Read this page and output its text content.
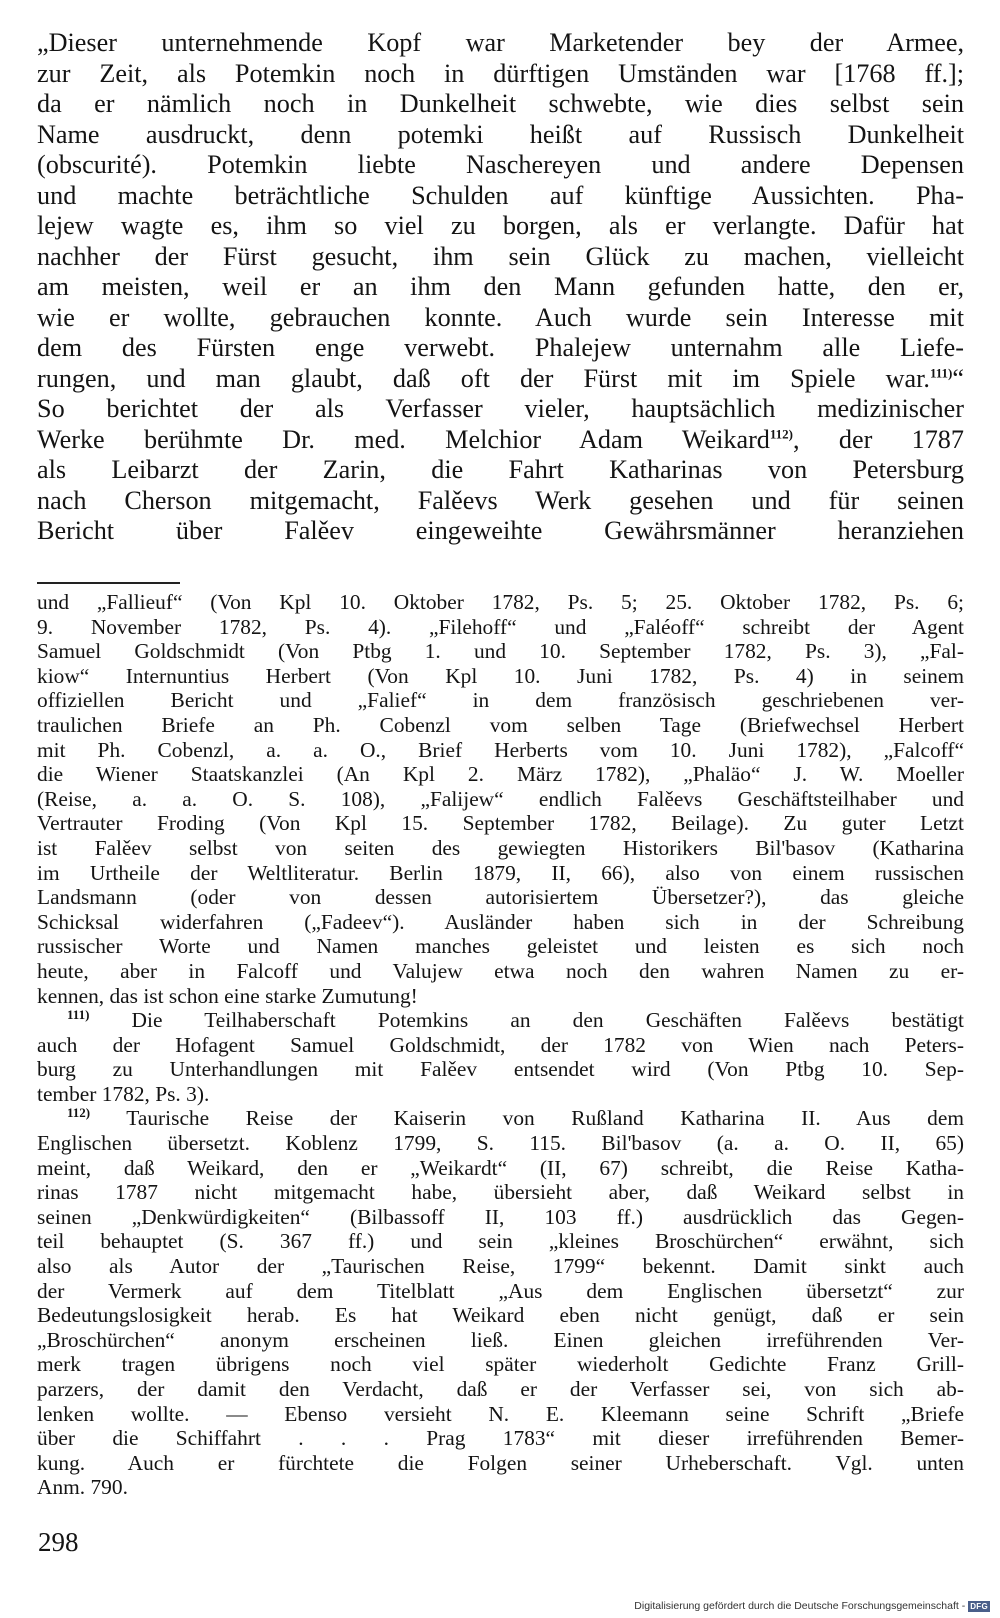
„Dieser unternehmende Kopf war Marketender bey der Armee,
zur Zeit, als Potemkin noch in dürftigen Umständen war [1768 ff.];
da er nämlich noch in Dunkelheit schwebte, wie dies selbst sein
Name ausdruckt, denn potemki heißt auf Russisch Dunkelheit
(obscurité). Potemkin liebte Naschereyen und andere Depensen
und machte beträchtliche Schulden auf künftige Aussichten. Pha-
lejew wagte es, ihm so viel zu borgen, als er verlangte. Dafür hat
nachher der Fürst gesucht, ihm sein Glück zu machen, vielleicht
am meisten, weil er an ihm den Mann gefunden hatte, den er,
wie er wollte, gebrauchen konnte. Auch wurde sein Interesse mit
dem des Fürsten enge verwebt. Phalejew unternahm alle Liefe-
rungen, und man glaubt, daß oft der Fürst mit im Spiele war.$^{111)}$“
So berichtet der als Verfasser vieler, hauptsächlich medizinischer
Werke berühmte Dr. med. Melchior Adam Weikard$^{112)}$, der 1787
als Leibarzt der Zarin, die Fahrt Katharinas von Petersburg
nach Cherson mitgemacht, Falěevs Werk gesehen und für seinen
Bericht über Falěev eingeweihte Gewährsmänner heranziehen
und „Fallieuf“ (Von Kpl 10. Oktober 1782, Ps. 5; 25. Oktober 1782, Ps. 6;
9. November 1782, Ps. 4). „Filehoff“ und „Faléoff“ schreibt der Agent
Samuel Goldschmidt (Von Ptbg 1. und 10. September 1782, Ps. 3), „Fal-
kiow“ Internuntius Herbert (Von Kpl 10. Juni 1782, Ps. 4) in seinem
offiziellen Bericht und „Falief“ in dem französisch geschriebenen ver-
traulichen Briefe an Ph. Cobenzl vom selben Tage (Briefwechsel Herbert
mit Ph. Cobenzl, a. a. O., Brief Herberts vom 10. Juni 1782), „Falcoff“
die Wiener Staatskanzlei (An Kpl 2. März 1782), „Phaläo“ J. W. Moeller
(Reise, a. a. O. S. 108), „Falijew“ endlich Falěevs Geschäftsteilhaber und
Vertrauter Froding (Von Kpl 15. September 1782, Beilage). Zu guter Letzt
ist Falěev selbst von seiten des gewiegten Historikers Bil'basov (Katharina
im Urtheile der Weltliteratur. Berlin 1879, II, 66), also von einem russischen
Landsmann (oder von dessen autorisiertem Übersetzer?), das gleiche
Schicksal widerfahren („Fadeev“). Ausländer haben sich in der Schreibung
russischer Worte und Namen manches geleistet und leisten es sich noch
heute, aber in Falcoff und Valujew etwa noch den wahren Namen zu er-
kennen, das ist schon eine starke Zumutung!
$^{111)}$ Die Teilhaberschaft Potemkins an den Geschäften Falěevs bestätigt
auch der Hofagent Samuel Goldschmidt, der 1782 von Wien nach Peters-
burg zu Unterhandlungen mit Falěev entsendet wird (Von Ptbg 10. Sep-
tember 1782, Ps. 3).
$^{112)}$ Taurische Reise der Kaiserin von Rußland Katharina II. Aus dem
Englischen übersetzt. Koblenz 1799, S. 115. Bil'basov (a. a. O. II, 65)
meint, daß Weikard, den er „Weikardt“ (II, 67) schreibt, die Reise Katha-
rinas 1787 nicht mitgemacht habe, übersieht aber, daß Weikard selbst in
seinen „Denkwürdigkeiten“ (Bilbassoff II, 103 ff.) ausdrücklich das Gegen-
teil behauptet (S. 367 ff.) und sein „kleines Broschürchen“ erwähnt, sich
also als Autor der „Taurischen Reise, 1799“ bekennt. Damit sinkt auch
der Vermerk auf dem Titelblatt „Aus dem Englischen übersetzt“ zur
Bedeutungslosigkeit herab. Es hat Weikard eben nicht genügt, daß er sein
„Broschürchen“ anonym erscheinen ließ. Einen gleichen irreführenden Ver-
merk tragen übrigens noch viel später wiederholt Gedichte Franz Grill-
parzers, der damit den Verdacht, daß er der Verfasser sei, von sich ab-
lenken wollte. — Ebenso versieht N. E. Kleemann seine Schrift „Briefe
über die Schiffahrt . . . Prag 1783“ mit dieser irreführenden Bemer-
kung. Auch er fürchtete die Folgen seiner Urheberschaft. Vgl. unten
Anm. 790.
298
Digitalisierung gefördert durch die Deutsche Forschungsgemeinschaft - DFG
